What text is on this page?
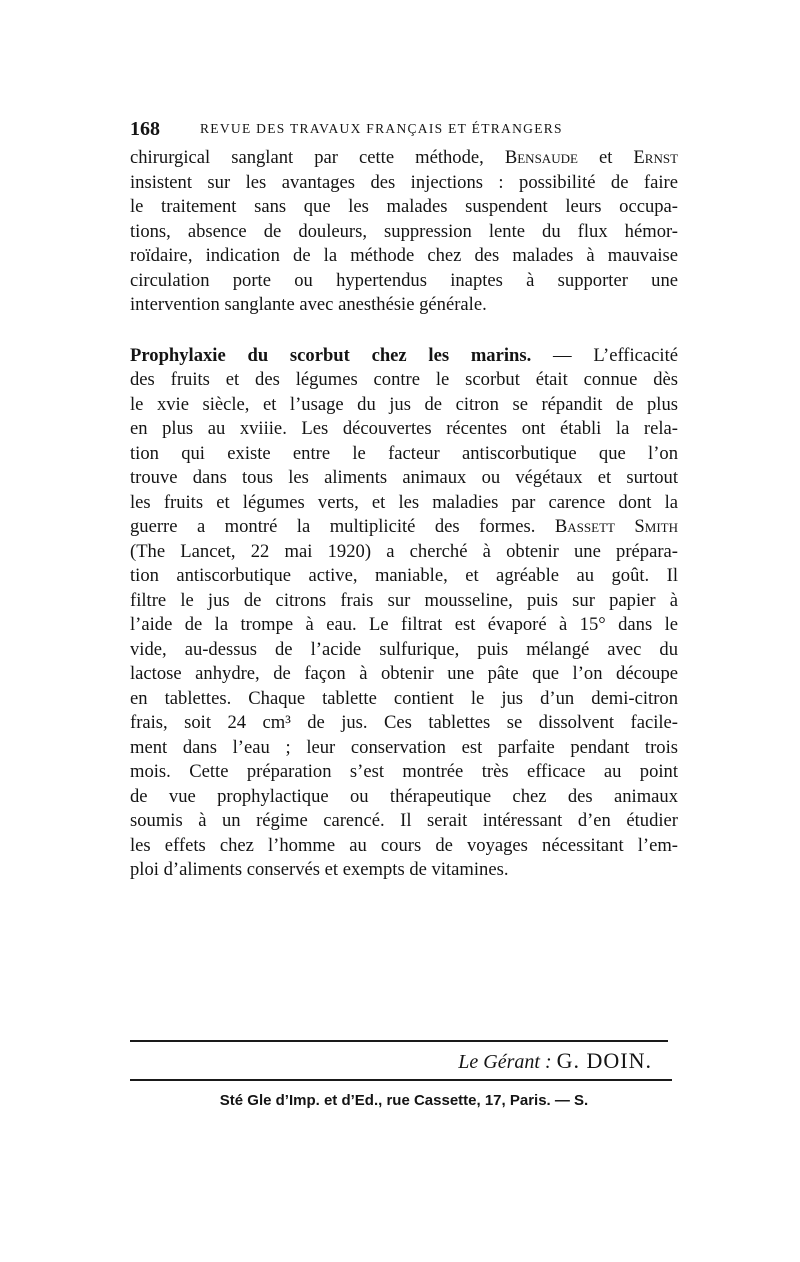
168	REVUE DES TRAVAUX FRANÇAIS ET ÉTRANGERS

chirurgical sanglant par cette méthode, Bensaude et Ernst
insistent sur les avantages des injections : possibilité de faire
le traitement sans que les malades suspendent leurs occupa-
tions, absence de douleurs, suppression lente du flux hémor-
roïdaire, indication de la méthode chez des malades à mauvaise
circulation porte ou hypertendus inaptes à supporter une
intervention sanglante avec anesthésie générale.

Prophylaxie du scorbut chez les marins. — L’efficacité
des fruits et des légumes contre le scorbut était connue dès
le xvie siècle, et l’usage du jus de citron se répandit de plus
en plus au xviiie. Les découvertes récentes ont établi la rela-
tion qui existe entre le facteur antiscorbutique que l’on
trouve dans tous les aliments animaux ou végétaux et surtout
les fruits et légumes verts, et les maladies par carence dont la
guerre a montré la multiplicité des formes. Bassett Smith
(The Lancet, 22 mai 1920) a cherché à obtenir une prépara-
tion antiscorbutique active, maniable, et agréable au goût. Il
filtre le jus de citrons frais sur mousseline, puis sur papier à
l’aide de la trompe à eau. Le filtrat est évaporé à 15° dans le
vide, au-dessus de l’acide sulfurique, puis mélangé avec du
lactose anhydre, de façon à obtenir une pâte que l’on découpe
en tablettes. Chaque tablette contient le jus d’un demi-citron
frais, soit 24 cm³ de jus. Ces tablettes se dissolvent facile-
ment dans l’eau ; leur conservation est parfaite pendant trois
mois. Cette préparation s’est montrée très efficace au point
de vue prophylactique ou thérapeutique chez des animaux
soumis à un régime carencé. Il serait intéressant d’en étudier
les effets chez l’homme au cours de voyages nécessitant l’em-
ploi d’aliments conservés et exempts de vitamines.

Le Gérant : G. DOIN.
Sté Gle d’Imp. et d’Ed., rue Cassette, 17, Paris. — S.
